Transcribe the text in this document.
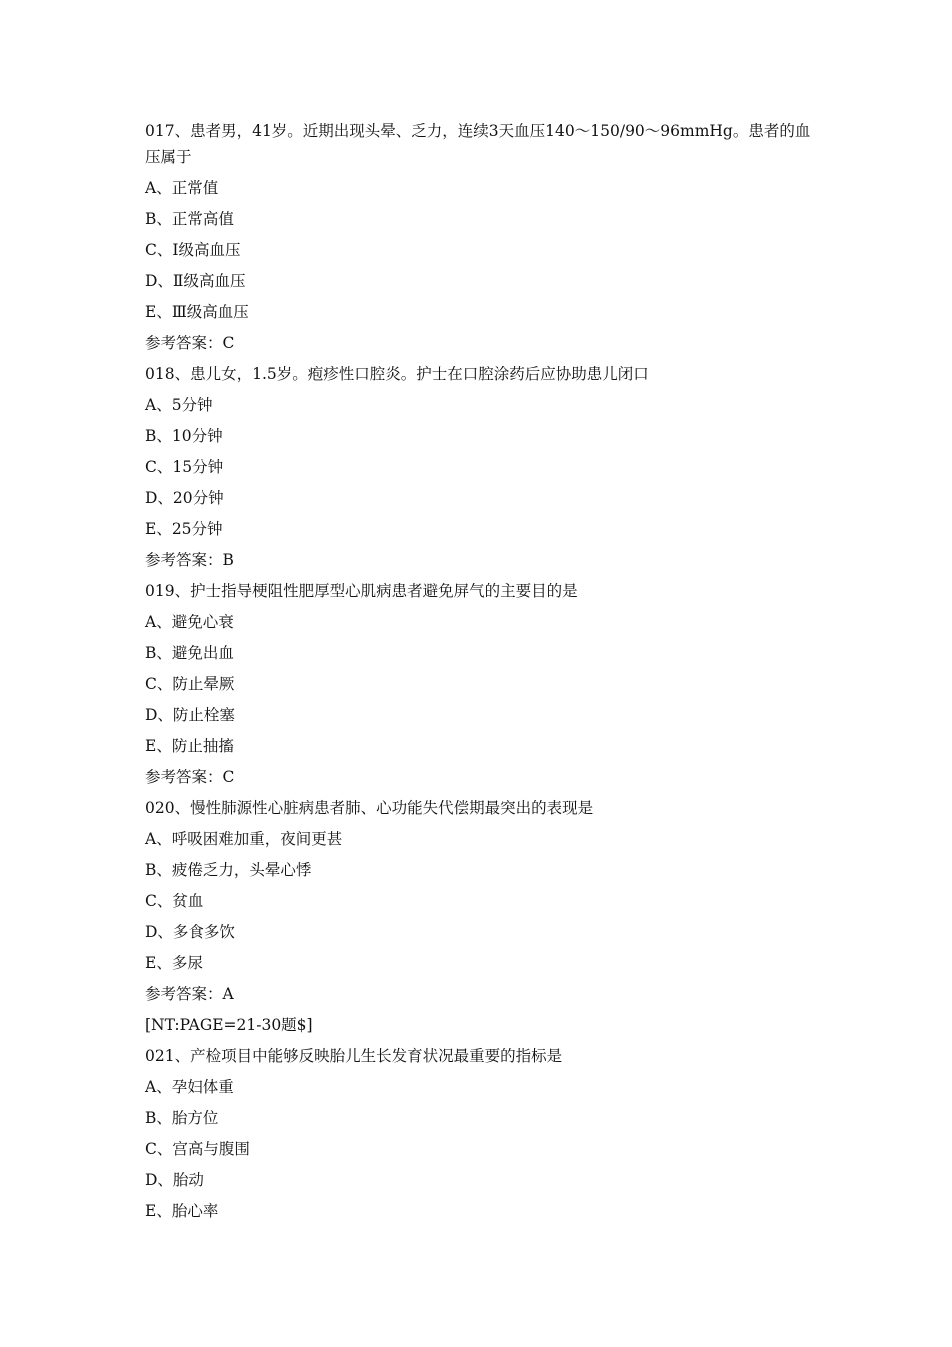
017、患者男，41岁。近期出现头晕、乏力，连续3天血压140～150/90～96mmHg。患者的血压属于

A、正常值

B、正常高值

C、Ⅰ级高血压

D、Ⅱ级高血压

E、Ⅲ级高血压

参考答案：C

018、患儿女，1.5岁。疱疹性口腔炎。护士在口腔涂药后应协助患儿闭口

A、5分钟

B、10分钟

C、15分钟

D、20分钟

E、25分钟

参考答案：B

019、护士指导梗阻性肥厚型心肌病患者避免屏气的主要目的是

A、避免心衰

B、避免出血

C、防止晕厥

D、防止栓塞

E、防止抽搐

参考答案：C

020、慢性肺源性心脏病患者肺、心功能失代偿期最突出的表现是

A、呼吸困难加重，夜间更甚

B、疲倦乏力，头晕心悸

C、贫血

D、多食多饮

E、多尿

参考答案：A

[NT:PAGE=21-30题$]

021、产检项目中能够反映胎儿生长发育状况最重要的指标是

A、孕妇体重

B、胎方位

C、宫高与腹围

D、胎动

E、胎心率
